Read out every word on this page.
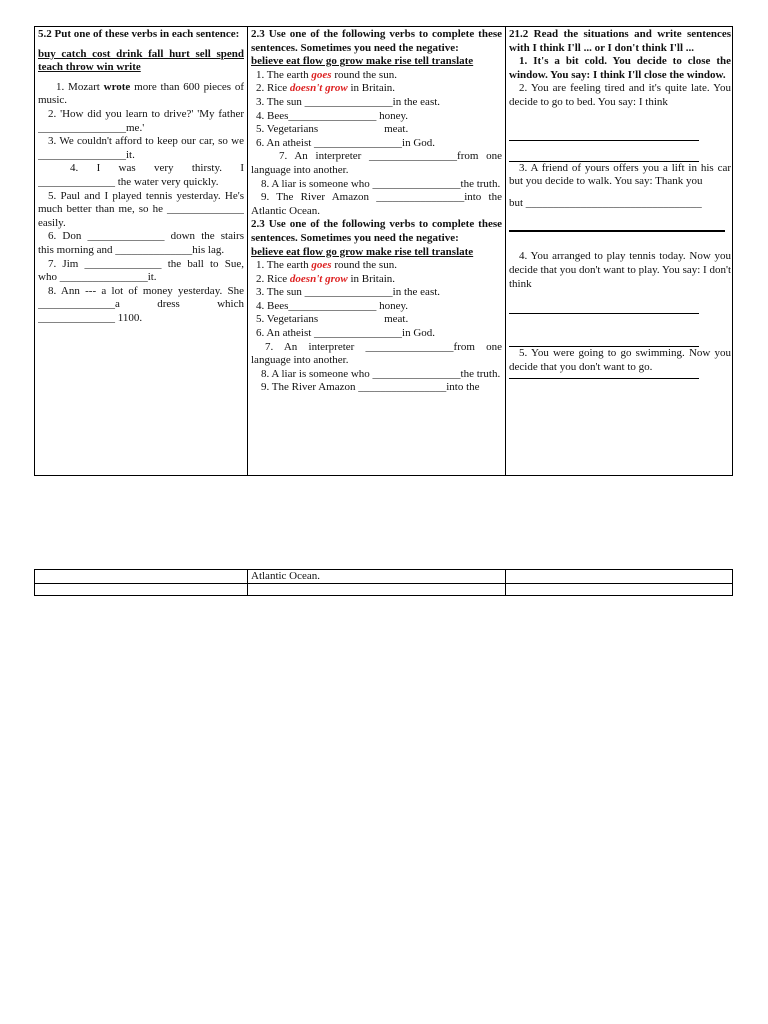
5.2 Put one of these verbs in each sentence:

buy catch cost drink fall hurt sell spend teach throw win write

1. Mozart wrote more than 600 pieces of music.

2. 'How did you learn to drive?' 'My father ________________me.'

3. We couldn't afford to keep our car, so we ________________it.

4. I was very thirsty. I ______________ the water very quickly.

5. Paul and I played tennis yesterday. He's much better than me, so he ______________ easily.

6. Don ______________ down the stairs this morning and ______________his lag.

7. Jim ______________ the ball to Sue, who ________________it.

8. Ann --- a lot of money yesterday. She ______________a dress which ______________ 1100.

2.3 Use one of the following verbs to complete these sentences. Sometimes you need the negative:

believe eat flow go grow make rise tell translate

1. The earth goes round the sun.

2. Rice doesn't grow in Britain.

3. The sun ________________in the east.

4. Bees________________ honey.

5. Vegetarians                        meat.

6. An atheist ________________in God.

7. An interpreter ________________from one language into another.

8. A liar is someone who ________________the truth.

9. The River Amazon ________________into the Atlantic Ocean.

2.3 Use one of the following verbs to complete these sentences. Sometimes you need the negative:

believe eat flow go grow make rise tell translate

1. The earth goes round the sun.

2. Rice doesn't grow in Britain.

3. The sun ________________in the east.

4. Bees________________ honey.

5. Vegetarians                        meat.

6. An atheist ________________in God.

7. An interpreter ________________from one language into another.

8. A liar is someone who ________________the truth.

9. The River Amazon ________________into the

21.2 Read the situations and write sentences with I think I'll ... or I don't think I'll ...

1. It's a bit cold. You decide to close the window. You say: I think I'll close the window.

2. You are feeling tired and it's quite late. You decide to go to bed. You say: I think

3. A friend of yours offers you a lift in his car but you decide to walk. You say: Thank you

but ________________________________

4. You arranged to play tennis today. Now you decide that you don't want to play. You say: I don't think

5. You were going to go swimming. Now you decide that you don't want to go.

Atlantic Ocean.
